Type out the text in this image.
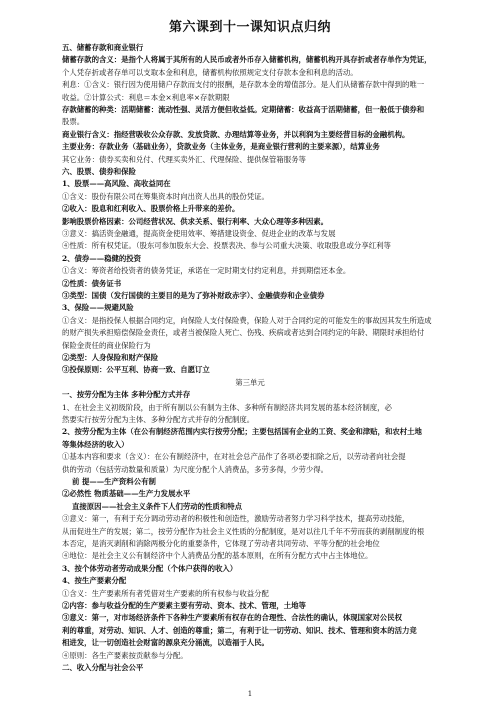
第六课到十一课知识点归纳
五、储蓄存款和商业银行
储蓄存款的含义：是指个人将属于其所有的人民币或者外币存入储蓄机构，储蓄机构开具存折或者存单作为凭证，
个人凭存折或者存单可以支取本金和利息，储蓄机构依照规定支付存款本金和利息的活动。
利息：①含义：银行因为使用储户存款而支付的报酬，是存款本金的增值部分。是人们从储蓄存款中得到的唯一
收益。②计算公式：利息＝本金×利息率×存款期限
存款储蓄的种类：活期储蓄：流动性强、灵活方便但收益低。定期储蓄：收益高于活期储蓄，但一般低于债券和
股票。
商业银行含义：指经营吸收公众存款、发放贷款、办理结算等业务，并以利润为主要经营目标的金融机构。
主要业务：存款业务（基础业务），贷款业务（主体业务，是商业银行营利的主要来源），结算业务
其它业务：债券买卖和兑付、代理买卖外汇、代理保险、提供保管箱服务等
六、股票、债券和保险
1、股票——高风险、高收益同在
①含义：股份有限公司在筹集资本时向出资人出具的股份凭证。
②收入：股息和红利收入、股票价格上升带来的差价。
影响股票价格因素：公司经营状况、供求关系、银行利率、大众心理等多种因素。
③意义：搞活资金融通，提高资金使用效率、筹措建设资金、促进企业的改革与发展
④性质：所有权凭证。（股东可参加股东大会、投票表决、参与公司重大决策、收取股息或分享红利等
2、债券——稳健的投资
①含义：筹资者给投资者的债务凭证，承诺在一定时期支付约定利息，并到期偿还本金。
②性质：债务证书
③类型：国债（发行国债的主要目的是为了弥补财政赤字）、金融债券和企业债券
3、保险——规避风险
①含义：是指投保人根据合同约定，向保险人支付保险费，保险人对于合同约定的可能发生的事故因其发生所造成
的财产损失承担赔偿保险金责任，或者当被保险人死亡、伤残、疾病或者达到合同约定的年龄、期限时承担给付
保险金责任的商业保险行为
②类型：人身保险和财产保险
③投保原则：公平互利、协商一致、自愿订立
第三单元
一、按劳分配为主体 多种分配方式并存
1、在社会主义初级阶段，由于所有制以公有制为主体、多种所有制经济共同发展的基本经济制度，必
然要实行按劳分配为主体、多种分配方式并存的分配制度。
2、按劳分配为主体（在公有制经济范围内实行按劳分配；主要包括国有企业的工资、奖金和津贴，和农村土地
等集体经济的收入）
①基本内容和要求（含义）：在公有制经济中，在对社会总产品作了各项必要扣除之后，以劳动者向社会提
供的劳动（包括劳动数量和质量）为尺度分配个人消费品，多劳多得，少劳少得。
前 提——生产资料公有制
②必然性 物质基础——生产力发展水平
直接原因——社会主义条件下人们劳动的性质和特点
③意义：第一，有利于充分调动劳动者的积极性和创造性，激励劳动者努力学习科学技术，提高劳动技能，
从而促进生产的发展；第二，按劳分配作为社会主义性质的分配制度，是对以往几千年不劳而获的剥削制度的根
本否定，是消灭剥削和消除两极分化的重要条件，它体现了劳动者共同劳动、平等分配的社会地位
④地位：是社会主义公有制经济中个人消费品分配的基本原则，在所有分配方式中占主体地位。
3、按个体劳动者劳动成果分配（个体户获得的收入）
4、按生产要素分配
①含义：生产要素所有者凭借对生产要素的所有权参与收益分配
②内容：参与收益分配的生产要素主要有劳动、资本、技术、管理，土地等
③意义：第一，对市场经济条件下各种生产要素所有权存在的合理性、合法性的确认，体现国家对公民权
利的尊重，对劳动、知识、人才、创造的尊重；第二，有利于让一切劳动、知识、技术、管理和资本的活力竞
相进发，让一切创造社会财富的源泉充分涌流，以造福于人民。
④原则：各生产要素按贡献参与分配。
二、收入分配与社会公平
1
